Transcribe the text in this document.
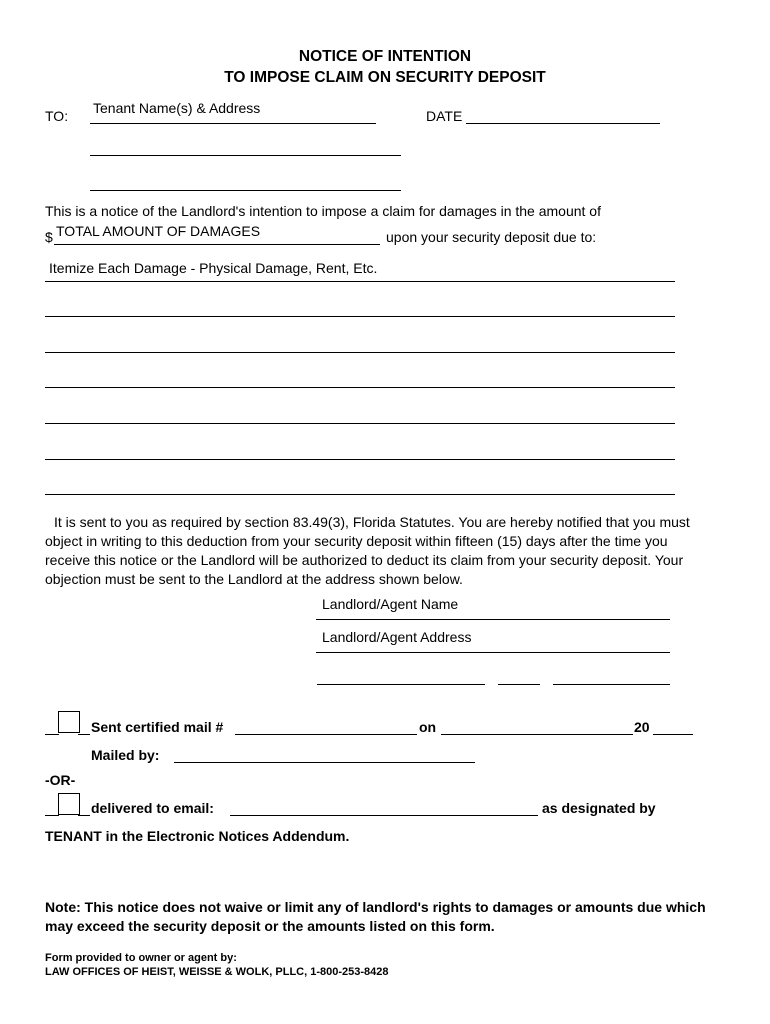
NOTICE OF INTENTION
TO IMPOSE CLAIM ON SECURITY DEPOSIT
TO: Tenant Name(s) & Address	DATE
This is a notice of the Landlord's intention to impose a claim for damages in the amount of
$ TOTAL AMOUNT OF DAMAGES	upon your security deposit due to:
Itemize Each Damage - Physical Damage, Rent, Etc.
It is sent to you as required by section 83.49(3), Florida Statutes. You are hereby notified that you must object in writing to this deduction from your security deposit within fifteen (15) days after the time you receive this notice or the Landlord will be authorized to deduct its claim from your security deposit. Your objection must be sent to the Landlord at the address shown below.
Landlord/Agent Name
Landlord/Agent Address
Sent certified mail #	on	20
Mailed by:
-OR-
delivered to email:	as designated by
TENANT in the Electronic Notices Addendum.
Note: This notice does not waive or limit any of landlord's rights to damages or amounts due which may exceed the security deposit or the amounts listed on this form.
Form provided to owner or agent by:
LAW OFFICES OF HEIST, WEISSE & WOLK, PLLC, 1-800-253-8428
